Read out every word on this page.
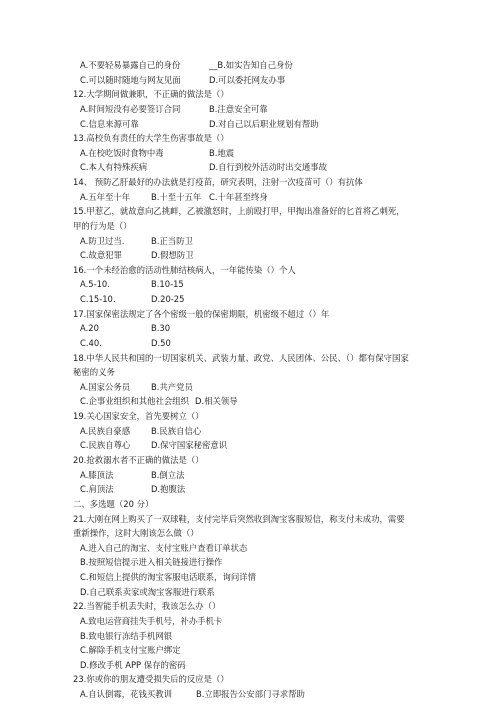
A.不要轻易暴露自己的身份	__B.如实告知自己身份
C.可以随时随地与网友见面	D.可以委托网友办事
12.大学期间做兼职，不正确的做法是（）
A.时间短没有必要签订合同	B.注意安全可靠
C.信息来源可靠	D.对自己以后职业规划有帮助
13.高校负有责任的大学生伤害事故是（）
A.在校吃饭时食物中毒	B.地震
C.本人有特殊疾病	D.自行到校外活动时出交通事故
14、 预防乙肝最好的办法就是打疫苗，研究表明，注射一次疫苗可（）有抗体
A.五年至十年 B.十至十五年 C.十年甚至终身
15.甲惹乙，就故意向乙挑衅，乙被激怒时，上前殴打甲，甲掏出准备好的匕首将乙刺死，
甲的行为是（）
A.防卫过当.	B.正当防卫
C.故意犯罪	D.假想防卫
16.一个未经治愈的活动性肺结核病人，一年能传染（）个人
A.5-10.	B.10-15
C.15-10.	D.20-25
17.国家保密法规定了各个密级一般的保密期限，机密级不超过（）年
A.20	B.30
C.40.	D.50
18.中华人民共和国的一切国家机关、武装力量、政党、人民团体、公民、（）都有保守国家
秘密的义务
A.国家公务员 B.共产党员
C.企事业组织和其他社会组织 D.相关领导
19.关心国家安全，首先要树立（）
A.民族自豪感 B.民族自信心
C.民族自尊心 D.保守国家秘密意识
20.抢救溺水者不正确的做法是（）
A.膝顶法	B.倒立法
C.肩顶法	D.抱腹法
二、多选题（20 分）
21.大刚在网上购买了一双球鞋，支付完毕后突然收到淘宝客服短信，称支付未成功，需要
重新操作，这时大刚该怎么做（）
A.进入自己的淘宝、支付宝账户查看订单状态
B.按照短信提示进入相关链接进行操作
C.和短信上提供的淘宝客服电话联系，询问详情
D.自己联系卖家或淘宝客服进行联系
22.当智能手机丢失时，我该怎么办（）
A.致电运营商挂失手机号，补办手机卡
B.致电银行冻结手机网银
C.解除手机支付宝账户绑定
D.修改手机 APP 保存的密码
23.你或你的朋友遭受损失后的反应是（）
A.自认倒霉，花钱买教训	B.立即报告公安部门寻求帮助
